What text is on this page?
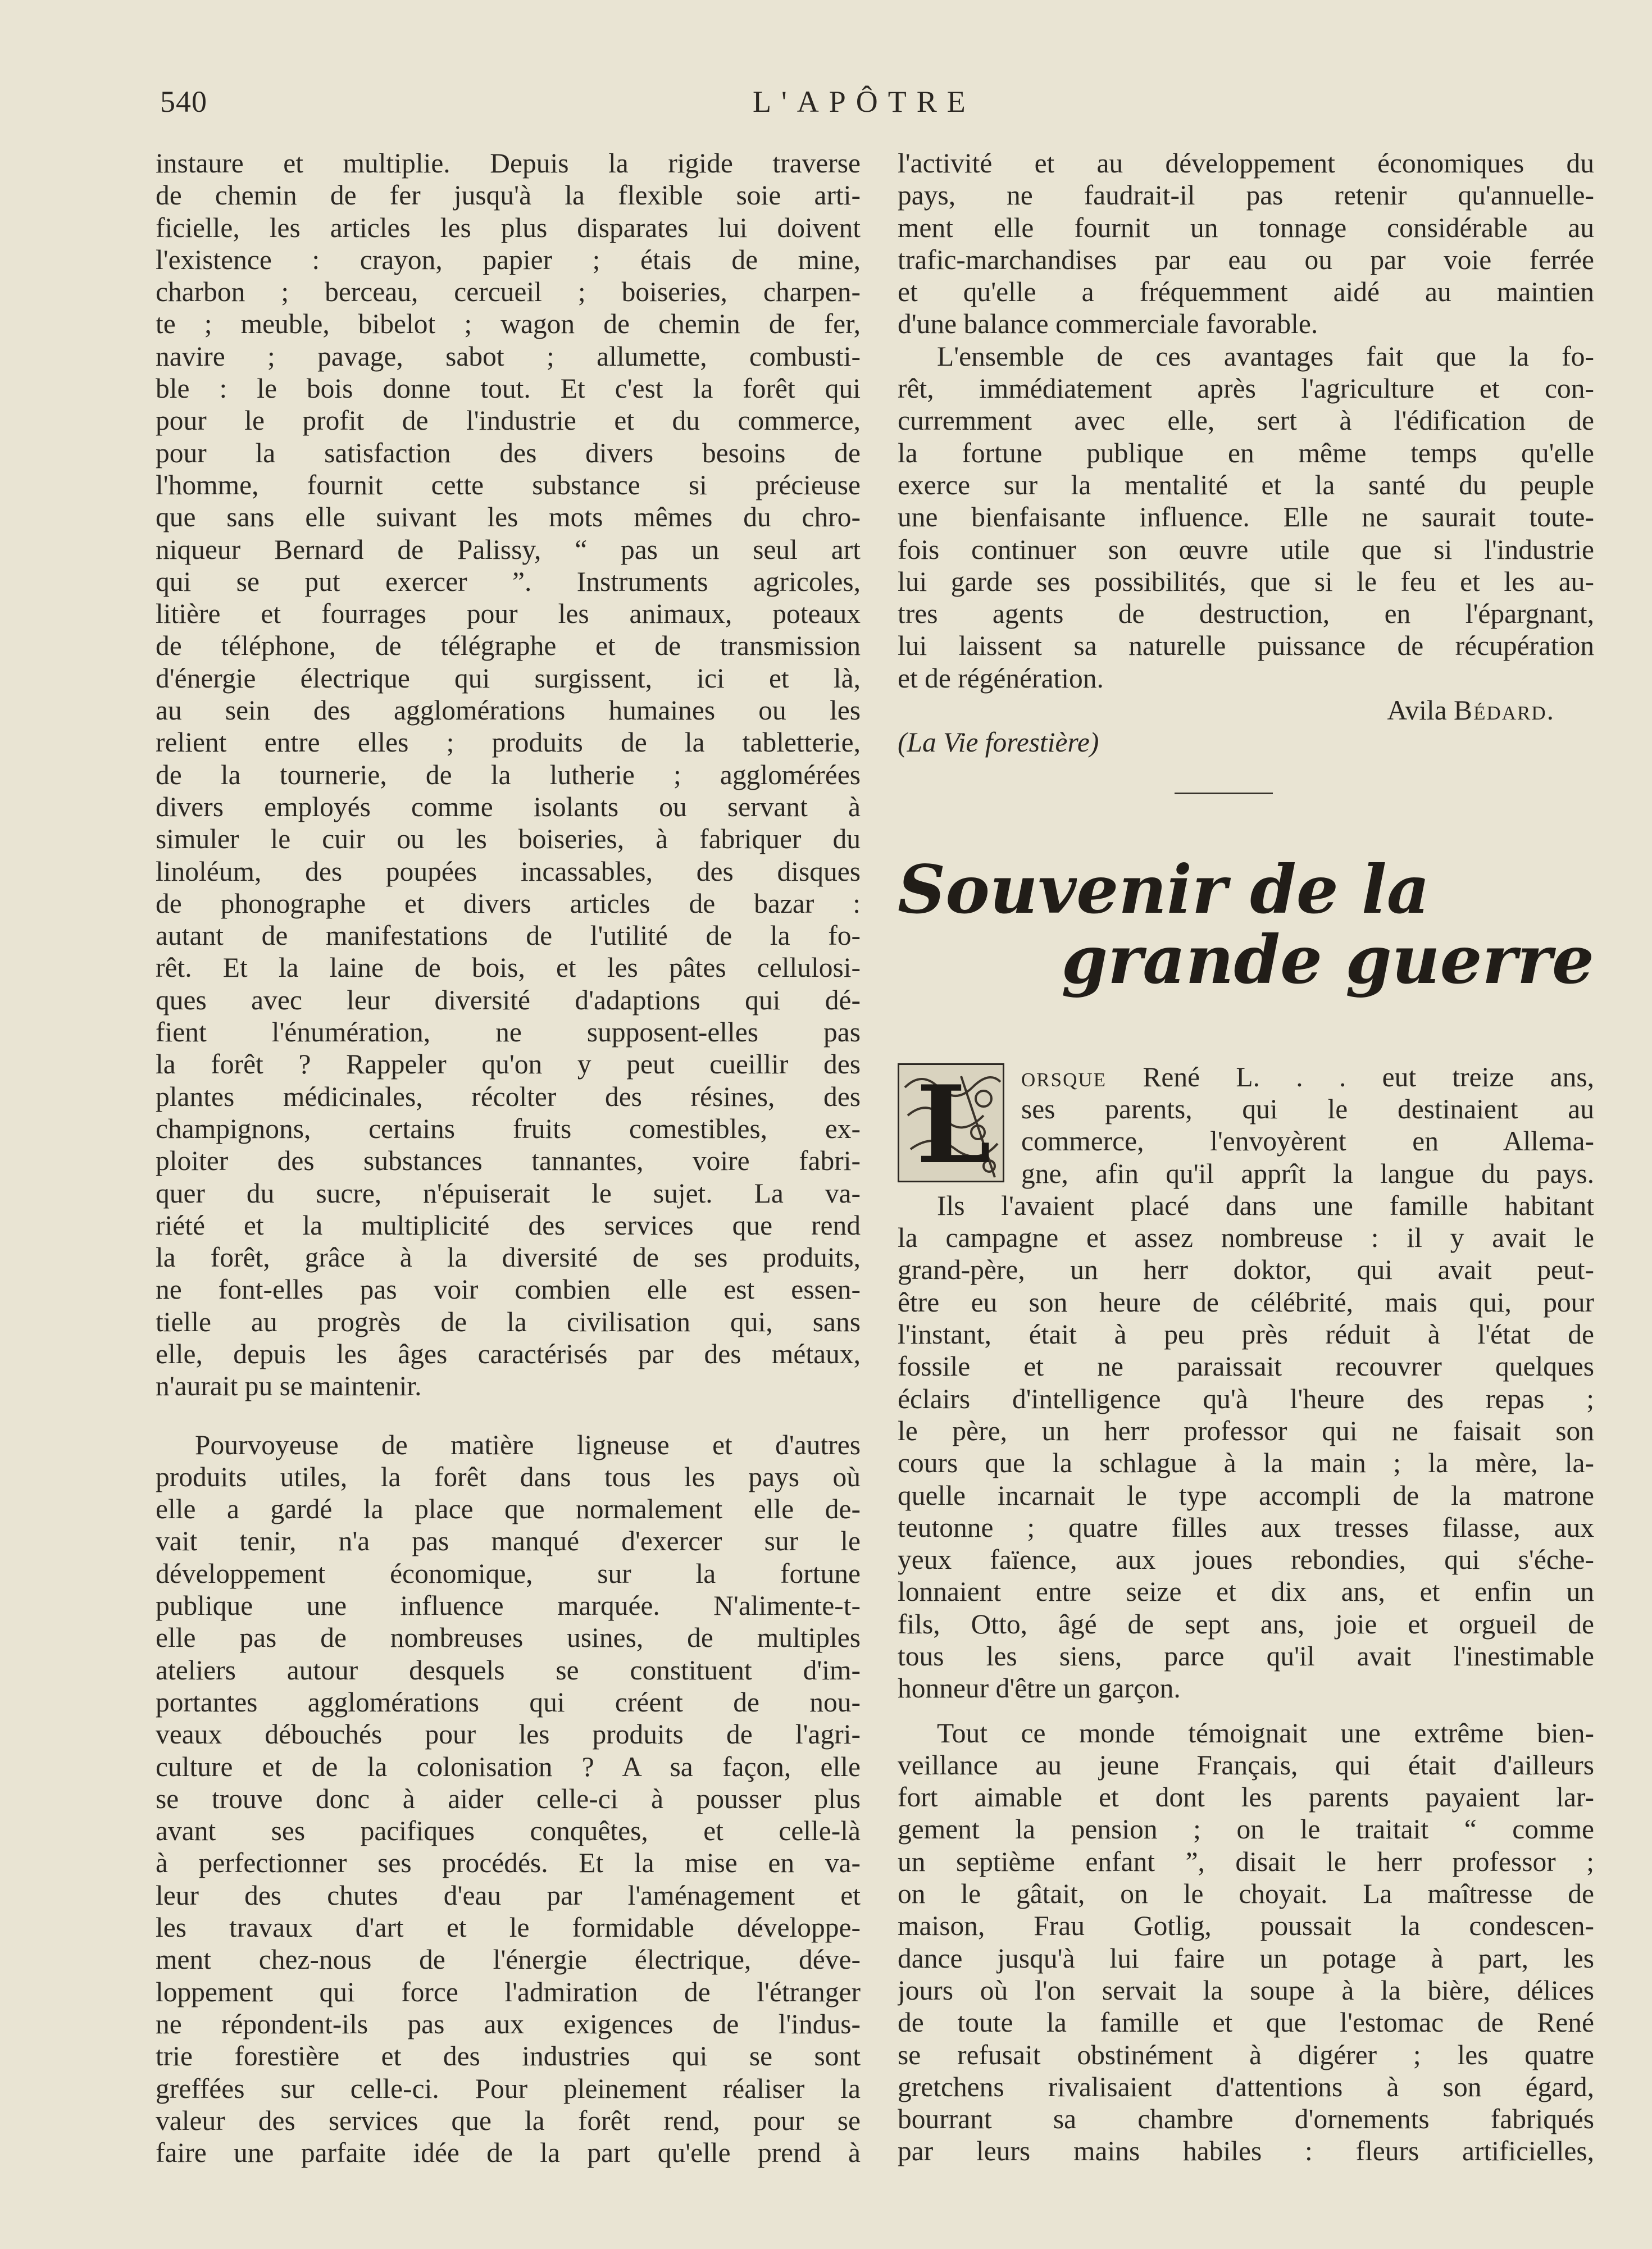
540	L'APÔTRE
instaure et multiplie. Depuis la rigide traverse
de chemin de fer jusqu'à la flexible soie arti-
ficielle, les articles les plus disparates lui doivent
l'existence : crayon, papier ; étais de mine,
charbon ; berceau, cercueil ; boiseries, charpen-
te ; meuble, bibelot ; wagon de chemin de fer,
navire ; pavage, sabot ; allumette, combusti-
ble : le bois donne tout. Et c'est la forêt qui
pour le profit de l'industrie et du commerce,
pour la satisfaction des divers besoins de
l'homme, fournit cette substance si précieuse
que sans elle suivant les mots mêmes du chro-
niqueur Bernard de Palissy, “ pas un seul art
qui se put exercer ”. Instruments agricoles,
litière et fourrages pour les animaux, poteaux
de téléphone, de télégraphe et de transmission
d'énergie électrique qui surgissent, ici et là,
au sein des agglomérations humaines ou les
relient entre elles ; produits de la tabletterie,
de la tournerie, de la lutherie ; agglomérées
divers employés comme isolants ou servant à
simuler le cuir ou les boiseries, à fabriquer du
linoléum, des poupées incassables, des disques
de phonographe et divers articles de bazar :
autant de manifestations de l'utilité de la fo-
rêt. Et la laine de bois, et les pâtes cellulosi-
ques avec leur diversité d'adaptions qui dé-
fient l'énumération, ne supposent-elles pas
la forêt ? Rappeler qu'on y peut cueillir des
plantes médicinales, récolter des résines, des
champignons, certains fruits comestibles, ex-
ploiter des substances tannantes, voire fabri-
quer du sucre, n'épuiserait le sujet. La va-
riété et la multiplicité des services que rend
la forêt, grâce à la diversité de ses produits,
ne font-elles pas voir combien elle est essen-
tielle au progrès de la civilisation qui, sans
elle, depuis les âges caractérisés par des métaux,
n'aurait pu se maintenir.
Pourvoyeuse de matière ligneuse et d'autres
produits utiles, la forêt dans tous les pays où
elle a gardé la place que normalement elle de-
vait tenir, n'a pas manqué d'exercer sur le
développement économique, sur la fortune
publique une influence marquée. N'alimente-t-
elle pas de nombreuses usines, de multiples
ateliers autour desquels se constituent d'im-
portantes agglomérations qui créent de nou-
veaux débouchés pour les produits de l'agri-
culture et de la colonisation ? A sa façon, elle
se trouve donc à aider celle-ci à pousser plus
avant ses pacifiques conquêtes, et celle-là
à perfectionner ses procédés. Et la mise en va-
leur des chutes d'eau par l'aménagement et
les travaux d'art et le formidable développe-
ment chez-nous de l'énergie électrique, déve-
loppement qui force l'admiration de l'étranger
ne répondent-ils pas aux exigences de l'indus-
trie forestière et des industries qui se sont
greffées sur celle-ci. Pour pleinement réaliser la
valeur des services que la forêt rend, pour se
faire une parfaite idée de la part qu'elle prend à
l'activité et au développement économiques du
pays, ne faudrait-il pas retenir qu'annuelle-
ment elle fournit un tonnage considérable au
trafic-marchandises par eau ou par voie ferrée
et qu'elle a fréquemment aidé au maintien
d'une balance commerciale favorable.
L'ensemble de ces avantages fait que la fo-
rêt, immédiatement après l'agriculture et con-
curremment avec elle, sert à l'édification de
la fortune publique en même temps qu'elle
exerce sur la mentalité et la santé du peuple
une bienfaisante influence. Elle ne saurait toute-
fois continuer son œuvre utile que si l'industrie
lui garde ses possibilités, que si le feu et les au-
tres agents de destruction, en l'épargnant,
lui laissent sa naturelle puissance de récupération
et de régénération.
Avila Bédard.
(La Vie forestière)
Souvenir de la
grande guerre
L	orsque René L. . . eut treize ans,
ses parents, qui le destinaient au
commerce, l'envoyèrent en Allema-
gne, afin qu'il apprît la langue du pays.
Ils l'avaient placé dans une famille habitant
la campagne et assez nombreuse : il y avait le
grand-père, un herr doktor, qui avait peut-
être eu son heure de célébrité, mais qui, pour
l'instant, était à peu près réduit à l'état de
fossile et ne paraissait recouvrer quelques
éclairs d'intelligence qu'à l'heure des repas ;
le père, un herr professor qui ne faisait son
cours que la schlague à la main ; la mère, la-
quelle incarnait le type accompli de la matrone
teutonne ; quatre filles aux tresses filasse, aux
yeux faïence, aux joues rebondies, qui s'éche-
lonnaient entre seize et dix ans, et enfin un
fils, Otto, âgé de sept ans, joie et orgueil de
tous les siens, parce qu'il avait l'inestimable
honneur d'être un garçon.
Tout ce monde témoignait une extrême bien-
veillance au jeune Français, qui était d'ailleurs
fort aimable et dont les parents payaient lar-
gement la pension ; on le traitait “ comme
un septième enfant ”, disait le herr professor ;
on le gâtait, on le choyait. La maîtresse de
maison, Frau Gotlig, poussait la condescen-
dance jusqu'à lui faire un potage à part, les
jours où l'on servait la soupe à la bière, délices
de toute la famille et que l'estomac de René
se refusait obstinément à digérer ; les quatre
gretchens rivalisaient d'attentions à son égard,
bourrant sa chambre d'ornements fabriqués
par leurs mains habiles : fleurs artificielles,
